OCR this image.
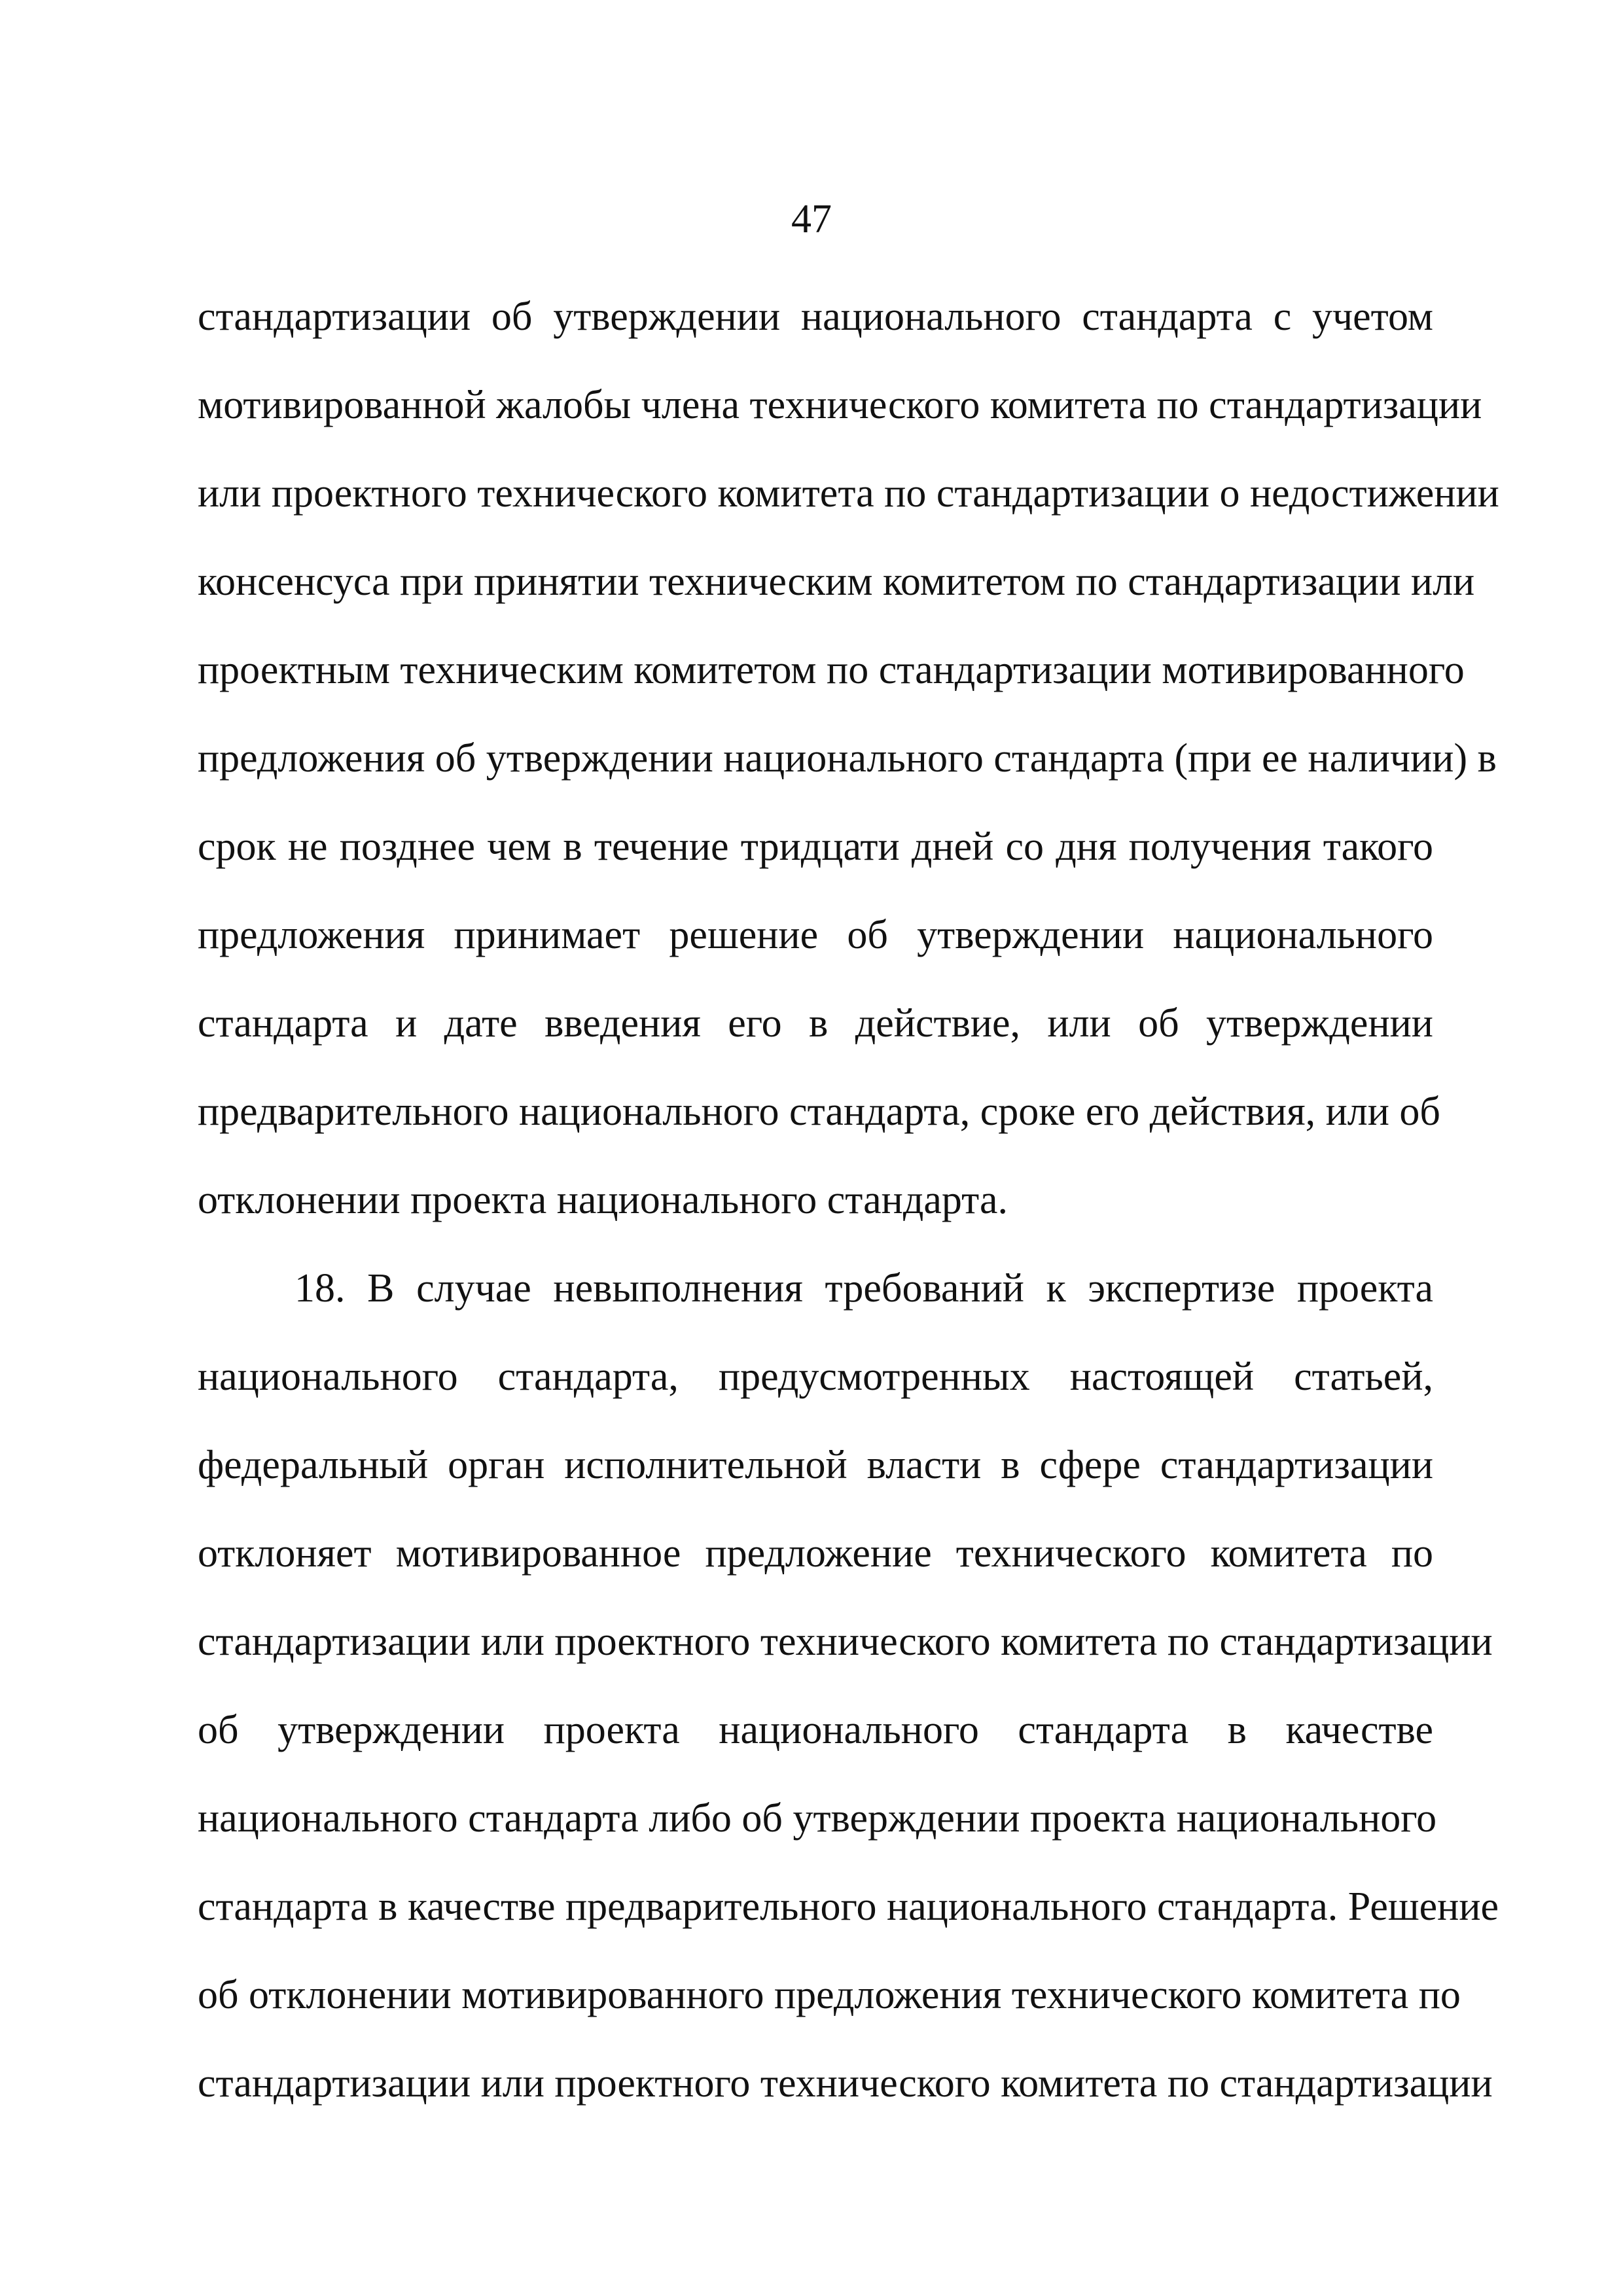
47
стандартизации об утверждении национального стандарта с учетом
мотивированной жалобы члена технического комитета по стандартизации
или проектного технического комитета по стандартизации о недостижении
консенсуса при принятии техническим комитетом по стандартизации или
проектным техническим комитетом по стандартизации мотивированного
предложения об утверждении национального стандарта (при ее наличии) в
срок не позднее чем в течение тридцати дней со дня получения такого
предложения принимает решение об утверждении национального
стандарта и дате введения его в действие, или об утверждении
предварительного национального стандарта, сроке его действия, или об
отклонении проекта национального стандарта.
18. В случае невыполнения требований к экспертизе проекта
национального стандарта, предусмотренных настоящей статьей,
федеральный орган исполнительной власти в сфере стандартизации
отклоняет мотивированное предложение технического комитета по
стандартизации или проектного технического комитета по стандартизации
об утверждении проекта национального стандарта в качестве
национального стандарта либо об утверждении проекта национального
стандарта в качестве предварительного национального стандарта. Решение
об отклонении мотивированного предложения технического комитета по
стандартизации или проектного технического комитета по стандартизации
